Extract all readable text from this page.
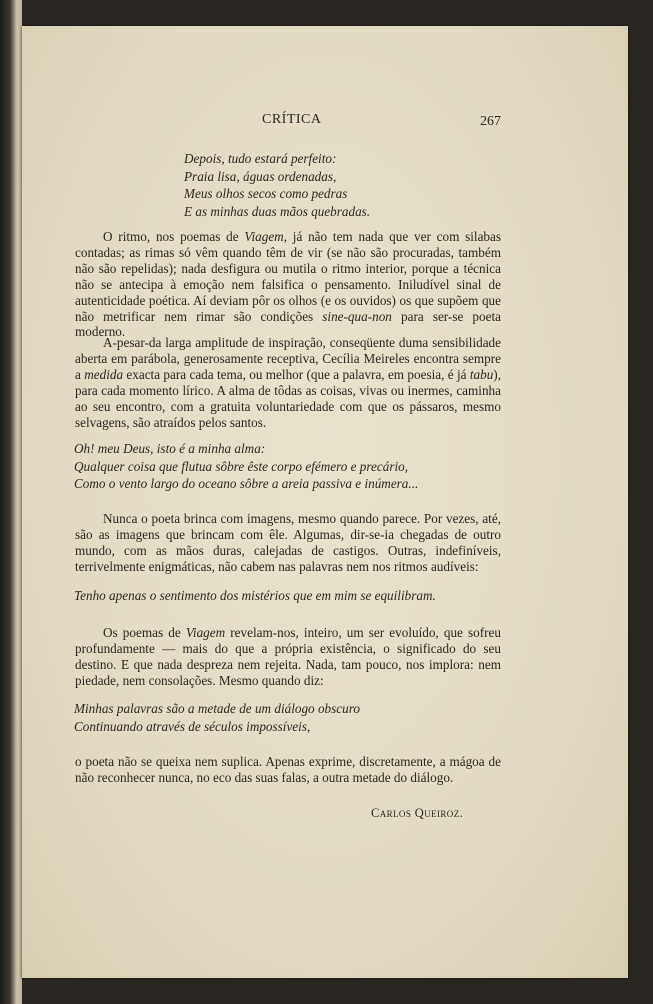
CRÍTICA	267
Depois, tudo estará perfeito:
Praia lisa, águas ordenadas,
Meus olhos secos como pedras
E as minhas duas mãos quebradas.

O ritmo, nos poemas de Viagem, já não tem nada que ver com silabas contadas; as rimas só vêm quando têm de vir (se não são procuradas, também não são repelidas); nada desfigura ou mutila o ritmo interior, porque a técnica não se antecipa à emoção nem falsifica o pensamento. Iniludível sinal de autenticidade poética. Aí deviam pôr os olhos (e os ouvidos) os que supõem que não metrificar nem rimar são condições sine-qua-non para ser-se poeta moderno.

A-pesar-da larga amplitude de inspiração, conseqüente duma sensibilidade aberta em parábola, generosamente receptiva, Cecília Meireles encontra sempre a medida exacta para cada tema, ou melhor (que a palavra, em poesia, é já tabu), para cada momento lírico. A alma de tôdas as coisas, vivas ou inermes, caminha ao seu encontro, com a gratuita voluntariedade com que os pássaros, mesmo selvagens, são atraídos pelos santos.

Oh! meu Deus, isto é a minha alma:
Qualquer coisa que flutua sôbre êste corpo efémero e precário,
Como o vento largo do oceano sôbre a areia passiva e inúmera...

Nunca o poeta brinca com imagens, mesmo quando parece. Por vezes, até, são as imagens que brincam com êle. Algumas, dir-se-ia chegadas de outro mundo, com as mãos duras, calejadas de castigos. Outras, indefiníveis, terrivelmente enigmáticas, não cabem nas palavras nem nos ritmos audíveis:

Tenho apenas o sentimento dos mistérios que em mim se equilibram.

Os poemas de Viagem revelam-nos, inteiro, um ser evoluído, que sofreu profundamente — mais do que a própria existência, o significado do seu destino. E que nada despreza nem rejeita. Nada, tam pouco, nos implora: nem piedade, nem consolações. Mesmo quando diz:

Minhas palavras são a metade de um diálogo obscuro
Continuando através de séculos impossíveis,

o poeta não se queixa nem suplica. Apenas exprime, discretamente, a mágoa de não reconhecer nunca, no eco das suas falas, a outra metade do diálogo.

Carlos Queiroz.
